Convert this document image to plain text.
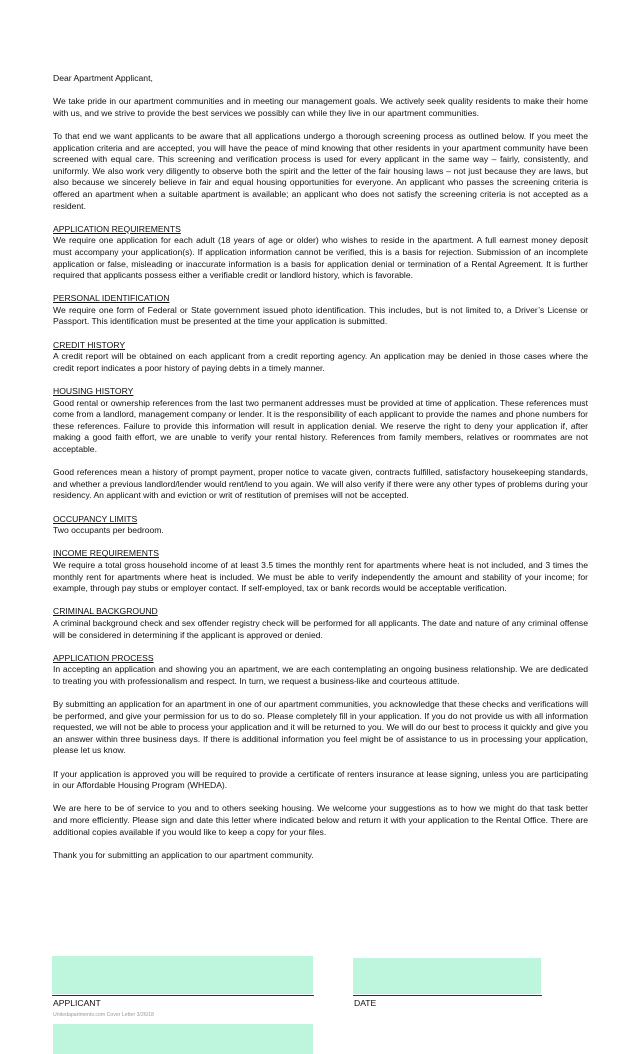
Dear Apartment Applicant,

We take pride in our apartment communities and in meeting our management goals. We actively seek quality residents to make their home with us, and we strive to provide the best services we possibly can while they live in our apartment communities.

To that end we want applicants to be aware that all applications undergo a thorough screening process as outlined below. If you meet the application criteria and are accepted, you will have the peace of mind knowing that other residents in your apartment community have been screened with equal care. This screening and verification process is used for every applicant in the same way – fairly, consistently, and uniformly. We also work very diligently to observe both the spirit and the letter of the fair housing laws – not just because they are laws, but also because we sincerely believe in fair and equal housing opportunities for everyone. An applicant who passes the screening criteria is offered an apartment when a suitable apartment is available; an applicant who does not satisfy the screening criteria is not accepted as a resident.

APPLICATION REQUIREMENTS
We require one application for each adult (18 years of age or older) who wishes to reside in the apartment. A full earnest money deposit must accompany your application(s). If application information cannot be verified, this is a basis for rejection. Submission of an incomplete application or false, misleading or inaccurate information is a basis for application denial or termination of a Rental Agreement. It is further required that applicants possess either a verifiable credit or landlord history, which is favorable.
PERSONAL IDENTIFICATION
We require one form of Federal or State government issued photo identification. This includes, but is not limited to, a Driver’s License or Passport. This identification must be presented at the time your application is submitted.
CREDIT HISTORY
A credit report will be obtained on each applicant from a credit reporting agency. An application may be denied in those cases where the credit report indicates a poor history of paying debts in a timely manner.
HOUSING HISTORY
Good rental or ownership references from the last two permanent addresses must be provided at time of application. These references must come from a landlord, management company or lender. It is the responsibility of each applicant to provide the names and phone numbers for these references. Failure to provide this information will result in application denial. We reserve the right to deny your application if, after making a good faith effort, we are unable to verify your rental history. References from family members, relatives or roommates are not acceptable.

Good references mean a history of prompt payment, proper notice to vacate given, contracts fulfilled, satisfactory housekeeping standards, and whether a previous landlord/lender would rent/lend to you again. We will also verify if there were any other types of problems during your residency. An applicant with and eviction or writ of restitution of premises will not be accepted.

OCCUPANCY LIMITS
Two occupants per bedroom.
INCOME REQUIREMENTS
We require a total gross household income of at least 3.5 times the monthly rent for apartments where heat is not included, and 3 times the monthly rent for apartments where heat is included. We must be able to verify independently the amount and stability of your income; for example, through pay stubs or employer contact. If self-employed, tax or bank records would be acceptable verification.
CRIMINAL BACKGROUND
A criminal background check and sex offender registry check will be performed for all applicants. The date and nature of any criminal offense will be considered in determining if the applicant is approved or denied.
APPLICATION PROCESS
In accepting an application and showing you an apartment, we are each contemplating an ongoing business relationship. We are dedicated to treating you with professionalism and respect. In turn, we request a business-like and courteous attitude.

By submitting an application for an apartment in one of our apartment communities, you acknowledge that these checks and verifications will be performed, and give your permission for us to do so. Please completely fill in your application. If you do not provide us with all information requested, we will not be able to process your application and it will be returned to you. We will do our best to process it quickly and give you an answer within three business days. If there is additional information you feel might be of assistance to us in processing your application, please let us know.

If your application is approved you will be required to provide a certificate of renters insurance at lease signing, unless you are participating in our Affordable Housing Program (WHEDA).

We are here to be of service to you and to others seeking housing. We welcome your suggestions as to how we might do that task better and more efficiently. Please sign and date this letter where indicated below and return it with your application to the Rental Office. There are additional copies available if you would like to keep a copy for your files.

Thank you for submitting an application to our apartment community.

APPLICANT	DATE
Unitedapartments.com Cover Letter 3/26/18
